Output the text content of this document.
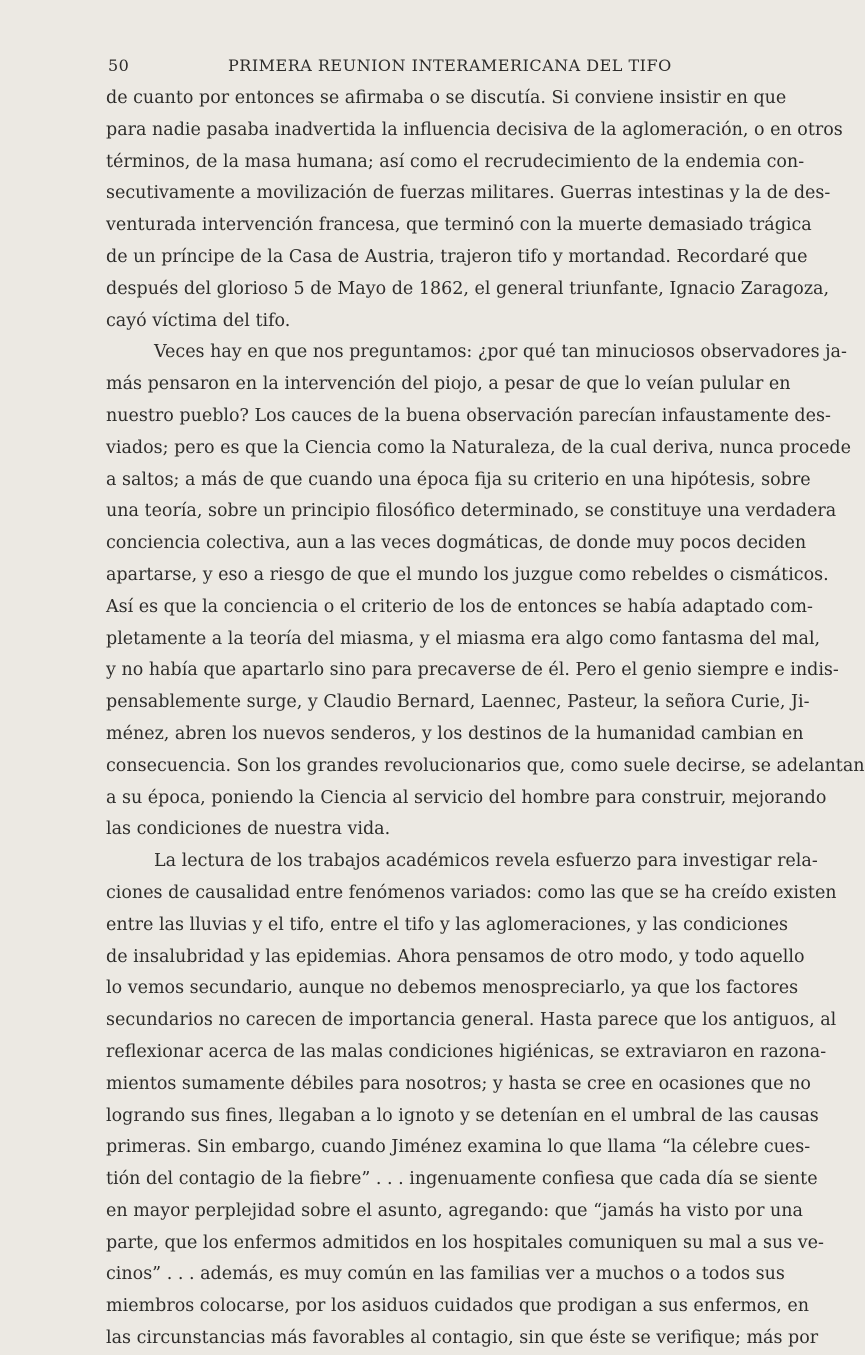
50	PRIMERA REUNION INTERAMERICANA DEL TIFO
de cuanto por entonces se afirmaba o se discutía. Si conviene insistir en que
para nadie pasaba inadvertida la influencia decisiva de la aglomeración, o en otros
términos, de la masa humana; así como el recrudecimiento de la endemia con-
secutivamente a movilización de fuerzas militares. Guerras intestinas y la de des-
venturada intervención francesa, que terminó con la muerte demasiado trágica
de un príncipe de la Casa de Austria, trajeron tifo y mortandad. Recordaré que
después del glorioso 5 de Mayo de 1862, el general triunfante, Ignacio Zaragoza,
cayó víctima del tifo.
Veces hay en que nos preguntamos: ¿por qué tan minuciosos observadores ja-
más pensaron en la intervención del piojo, a pesar de que lo veían pulular en
nuestro pueblo? Los cauces de la buena observación parecían infaustamente des-
viados; pero es que la Ciencia como la Naturaleza, de la cual deriva, nunca procede
a saltos; a más de que cuando una época fija su criterio en una hipótesis, sobre
una teoría, sobre un principio filosófico determinado, se constituye una verdadera
conciencia colectiva, aun a las veces dogmáticas, de donde muy pocos deciden
apartarse, y eso a riesgo de que el mundo los juzgue como rebeldes o cismáticos.
Así es que la conciencia o el criterio de los de entonces se había adaptado com-
pletamente a la teoría del miasma, y el miasma era algo como fantasma del mal,
y no había que apartarlo sino para precaverse de él. Pero el genio siempre e indis-
pensablemente surge, y Claudio Bernard, Laennec, Pasteur, la señora Curie, Ji-
ménez, abren los nuevos senderos, y los destinos de la humanidad cambian en
consecuencia. Son los grandes revolucionarios que, como suele decirse, se adelantan
a su época, poniendo la Ciencia al servicio del hombre para construir, mejorando
las condiciones de nuestra vida.
La lectura de los trabajos académicos revela esfuerzo para investigar rela-
ciones de causalidad entre fenómenos variados: como las que se ha creído existen
entre las lluvias y el tifo, entre el tifo y las aglomeraciones, y las condiciones
de insalubridad y las epidemias. Ahora pensamos de otro modo, y todo aquello
lo vemos secundario, aunque no debemos menospreciarlo, ya que los factores
secundarios no carecen de importancia general. Hasta parece que los antiguos, al
reflexionar acerca de las malas condiciones higiénicas, se extraviaron en razona-
mientos sumamente débiles para nosotros; y hasta se cree en ocasiones que no
logrando sus fines, llegaban a lo ignoto y se detenían en el umbral de las causas
primeras. Sin embargo, cuando Jiménez examina lo que llama “la célebre cues-
tión del contagio de la fiebre” . . . ingenuamente confiesa que cada día se siente
en mayor perplejidad sobre el asunto, agregando: que “jamás ha visto por una
parte, que los enfermos admitidos en los hospitales comuniquen su mal a sus ve-
cinos” . . . además, es muy común en las familias ver a muchos o a todos sus
miembros colocarse, por los asiduos cuidados que prodigan a sus enfermos, en
las circunstancias más favorables al contagio, sin que éste se verifique; más por
